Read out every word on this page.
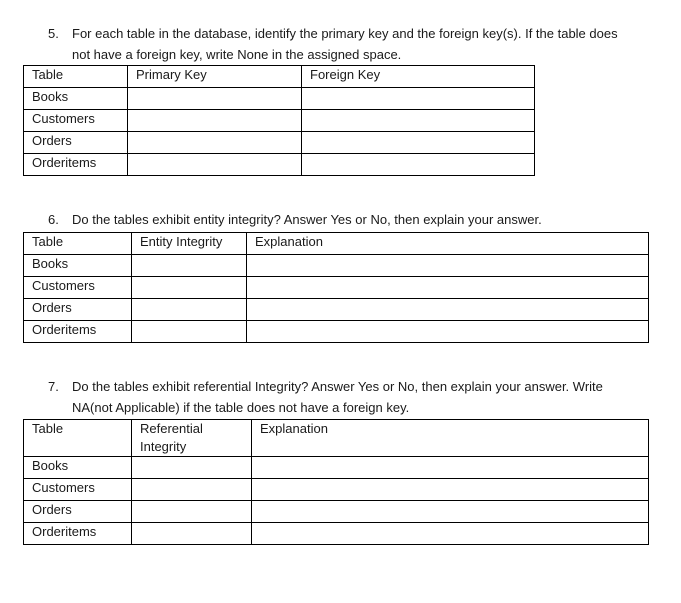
5. For each table in the database, identify the primary key and the foreign key(s). If the table does
not have a foreign key, write None in the assigned space.
Table	Primary Key	Foreign Key
Books		
Customers		
Orders		
Orderitems		
6. Do the tables exhibit entity integrity? Answer Yes or No, then explain your answer.
Table	Entity Integrity	Explanation
Books		
Customers		
Orders		
Orderitems		
7. Do the tables exhibit referential Integrity? Answer Yes or No, then explain your answer. Write
NA(not Applicable) if the table does not have a foreign key.
Table	Referential Integrity	Explanation
Books		
Customers		
Orders		
Orderitems		
